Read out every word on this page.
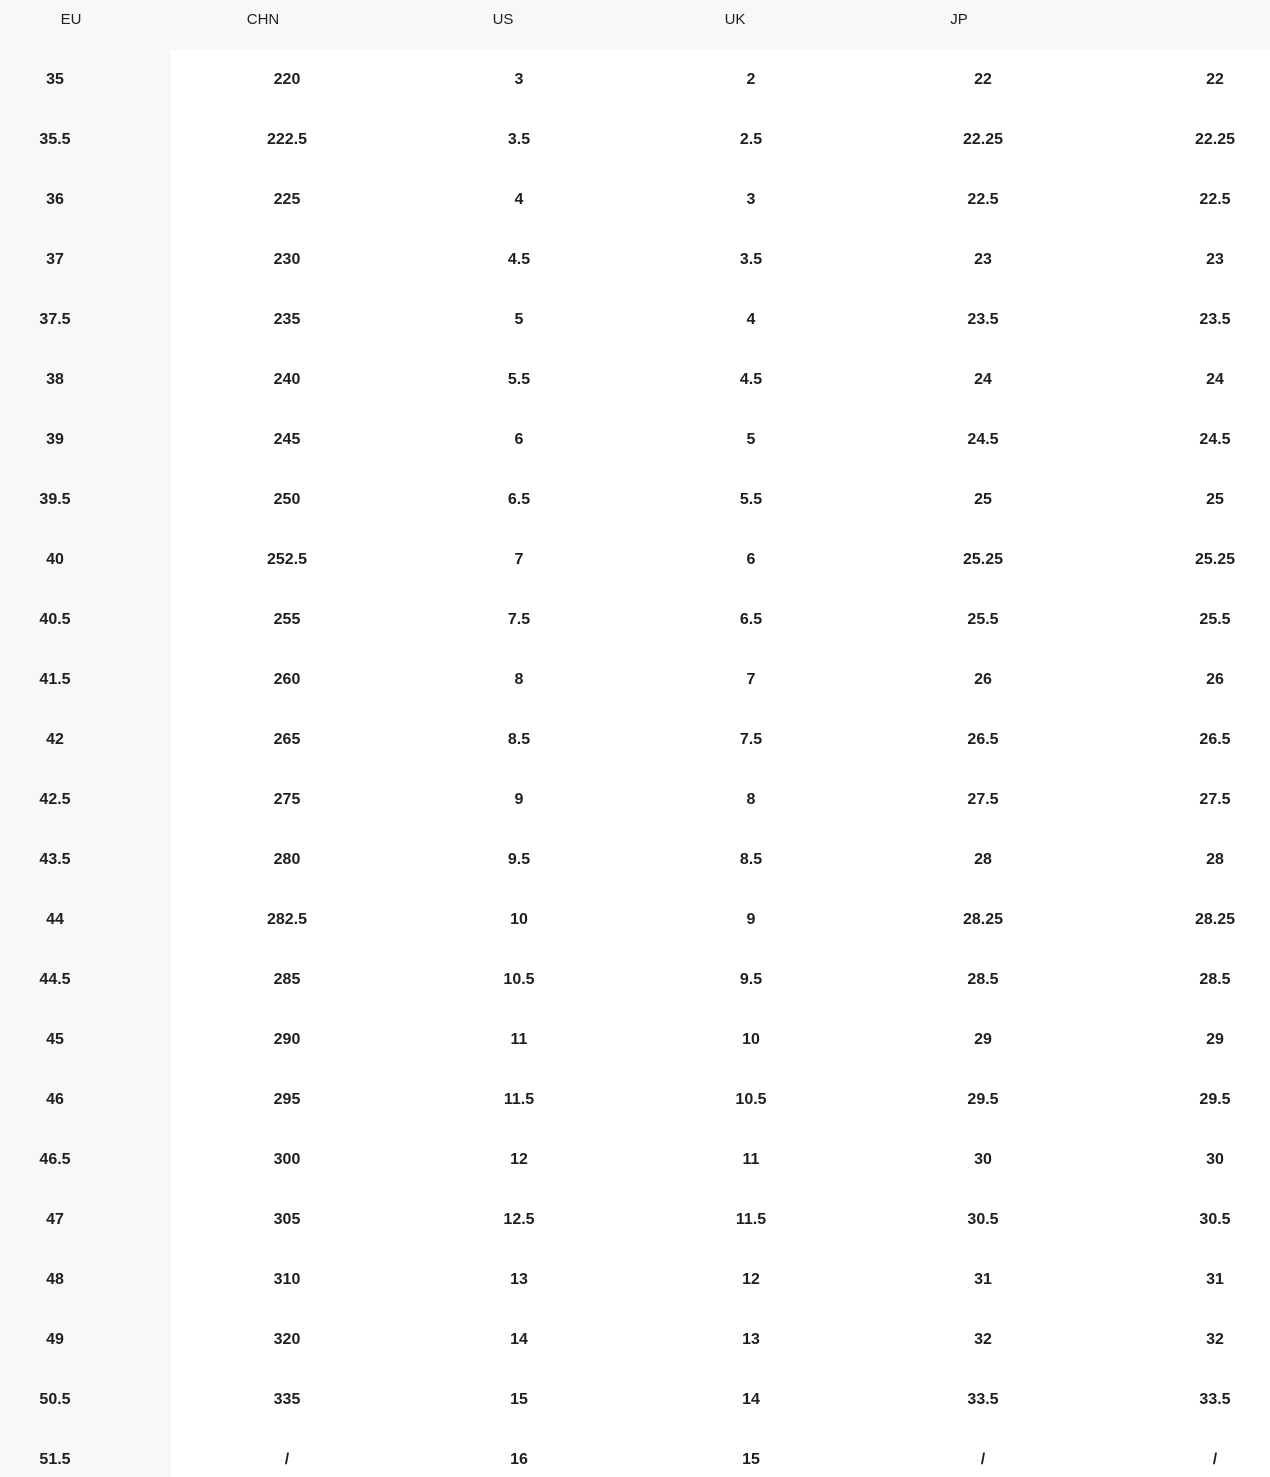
EU	CHN	US	UK	JP
35	220	3	2	22	22
35.5	222.5	3.5	2.5	22.25	22.25
36	225	4	3	22.5	22.5
37	230	4.5	3.5	23	23
37.5	235	5	4	23.5	23.5
38	240	5.5	4.5	24	24
39	245	6	5	24.5	24.5
39.5	250	6.5	5.5	25	25
40	252.5	7	6	25.25	25.25
40.5	255	7.5	6.5	25.5	25.5
41.5	260	8	7	26	26
42	265	8.5	7.5	26.5	26.5
42.5	275	9	8	27.5	27.5
43.5	280	9.5	8.5	28	28
44	282.5	10	9	28.25	28.25
44.5	285	10.5	9.5	28.5	28.5
45	290	11	10	29	29
46	295	11.5	10.5	29.5	29.5
46.5	300	12	11	30	30
47	305	12.5	11.5	30.5	30.5
48	310	13	12	31	31
49	320	14	13	32	32
50.5	335	15	14	33.5	33.5
51.5	/	16	15	/	/
